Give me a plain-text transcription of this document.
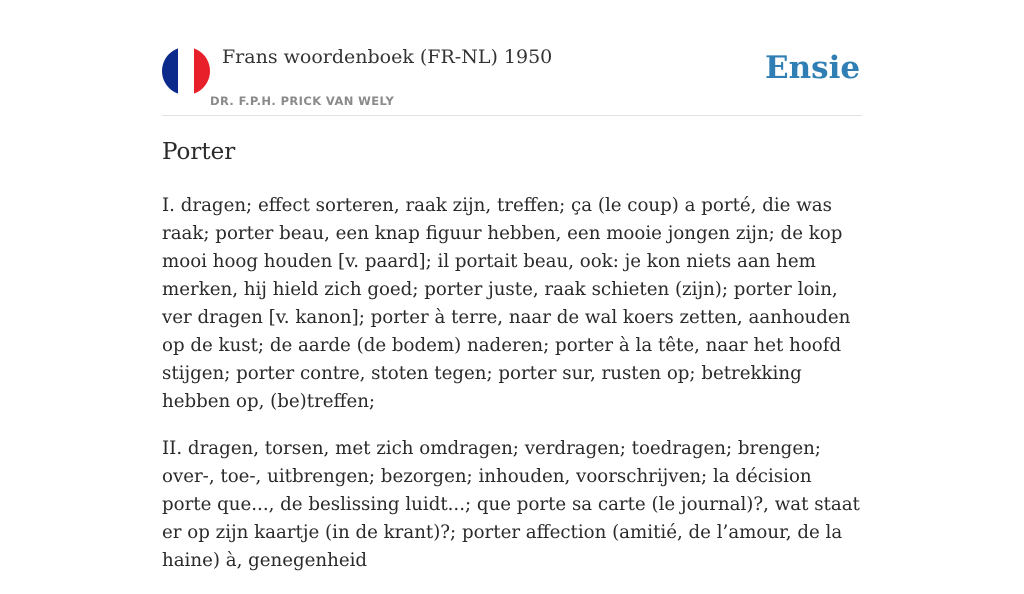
Frans woordenboek (FR-NL) 1950
DR. F.P.H. PRICK VAN WELY
Ensie
Porter

I. dragen; effect sorteren, raak zijn, treffen; ça (le coup) a porté, die was raak; porter beau, een knap figuur hebben, een mooie jongen zijn; de kop mooi hoog houden [v. paard]; il portait beau, ook: je kon niets aan hem merken, hij hield zich goed; porter juste, raak schieten (zijn); porter loin, ver dragen [v. kanon]; porter à terre, naar de wal koers zetten, aanhouden op de kust; de aarde (de bodem) naderen; porter à la tête, naar het hoofd stijgen; porter contre, stoten tegen; porter sur, rusten op; betrekking hebben op, (be)treffen;

II. dragen, torsen, met zich omdragen; verdragen; toedragen; brengen; over-, toe-, uitbrengen; bezorgen; inhouden, voorschrijven; la décision porte que..., de beslissing luidt...; que porte sa carte (le journal)?, wat staat er op zijn kaartje (in de krant)?; porter affection (amitié, de l’amour, de la haine) à, genegenheid
